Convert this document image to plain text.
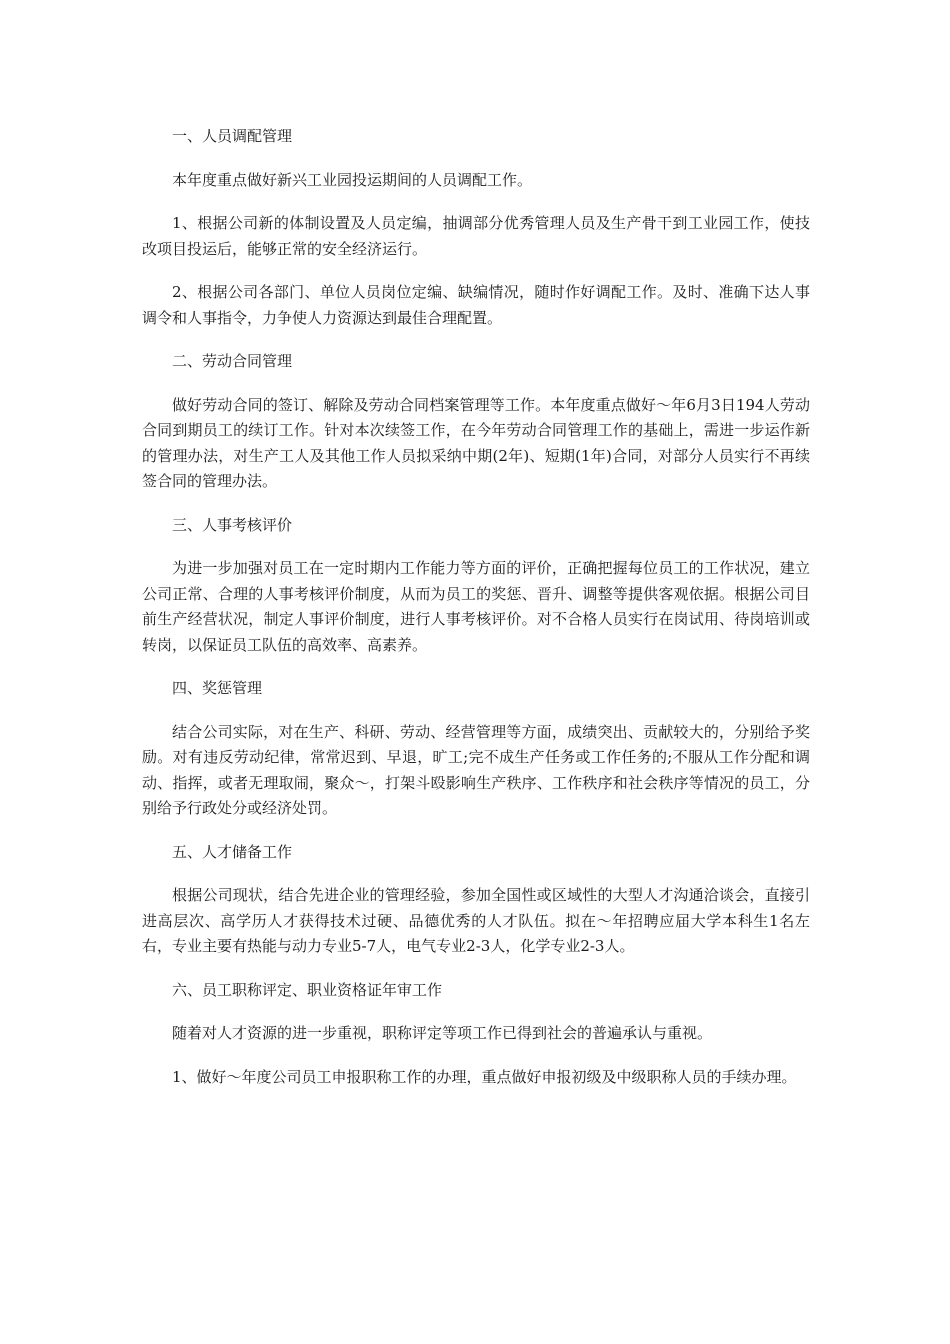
一、人员调配管理

本年度重点做好新兴工业园投运期间的人员调配工作。

1、根据公司新的体制设置及人员定编，抽调部分优秀管理人员及生产骨干到工业园工作，使技改项目投运后，能够正常的安全经济运行。

2、根据公司各部门、单位人员岗位定编、缺编情况，随时作好调配工作。及时、准确下达人事调令和人事指令，力争使人力资源达到最佳合理配置。

二、劳动合同管理

做好劳动合同的签订、解除及劳动合同档案管理等工作。本年度重点做好～年6月3日194人劳动合同到期员工的续订工作。针对本次续签工作，在今年劳动合同管理工作的基础上，需进一步运作新的管理办法，对生产工人及其他工作人员拟采纳中期(2年)、短期(1年)合同，对部分人员实行不再续签合同的管理办法。

三、人事考核评价

为进一步加强对员工在一定时期内工作能力等方面的评价，正确把握每位员工的工作状况，建立公司正常、合理的人事考核评价制度，从而为员工的奖惩、晋升、调整等提供客观依据。根据公司目前生产经营状况，制定人事评价制度，进行人事考核评价。对不合格人员实行在岗试用、待岗培训或转岗，以保证员工队伍的高效率、高素养。

四、奖惩管理

结合公司实际，对在生产、科研、劳动、经营管理等方面，成绩突出、贡献较大的，分别给予奖励。对有违反劳动纪律，常常迟到、早退，旷工;完不成生产任务或工作任务的;不服从工作分配和调动、指挥，或者无理取闹，聚众～，打架斗殴影响生产秩序、工作秩序和社会秩序等情况的员工，分别给予行政处分或经济处罚。

五、人才储备工作

根据公司现状，结合先进企业的管理经验，参加全国性或区域性的大型人才沟通洽谈会，直接引进高层次、高学历人才获得技术过硬、品德优秀的人才队伍。拟在～年招聘应届大学本科生1名左右，专业主要有热能与动力专业5-7人，电气专业2-3人，化学专业2-3人。

六、员工职称评定、职业资格证年审工作

随着对人才资源的进一步重视，职称评定等项工作已得到社会的普遍承认与重视。

1、做好～年度公司员工申报职称工作的办理，重点做好申报初级及中级职称人员的手续办理。
